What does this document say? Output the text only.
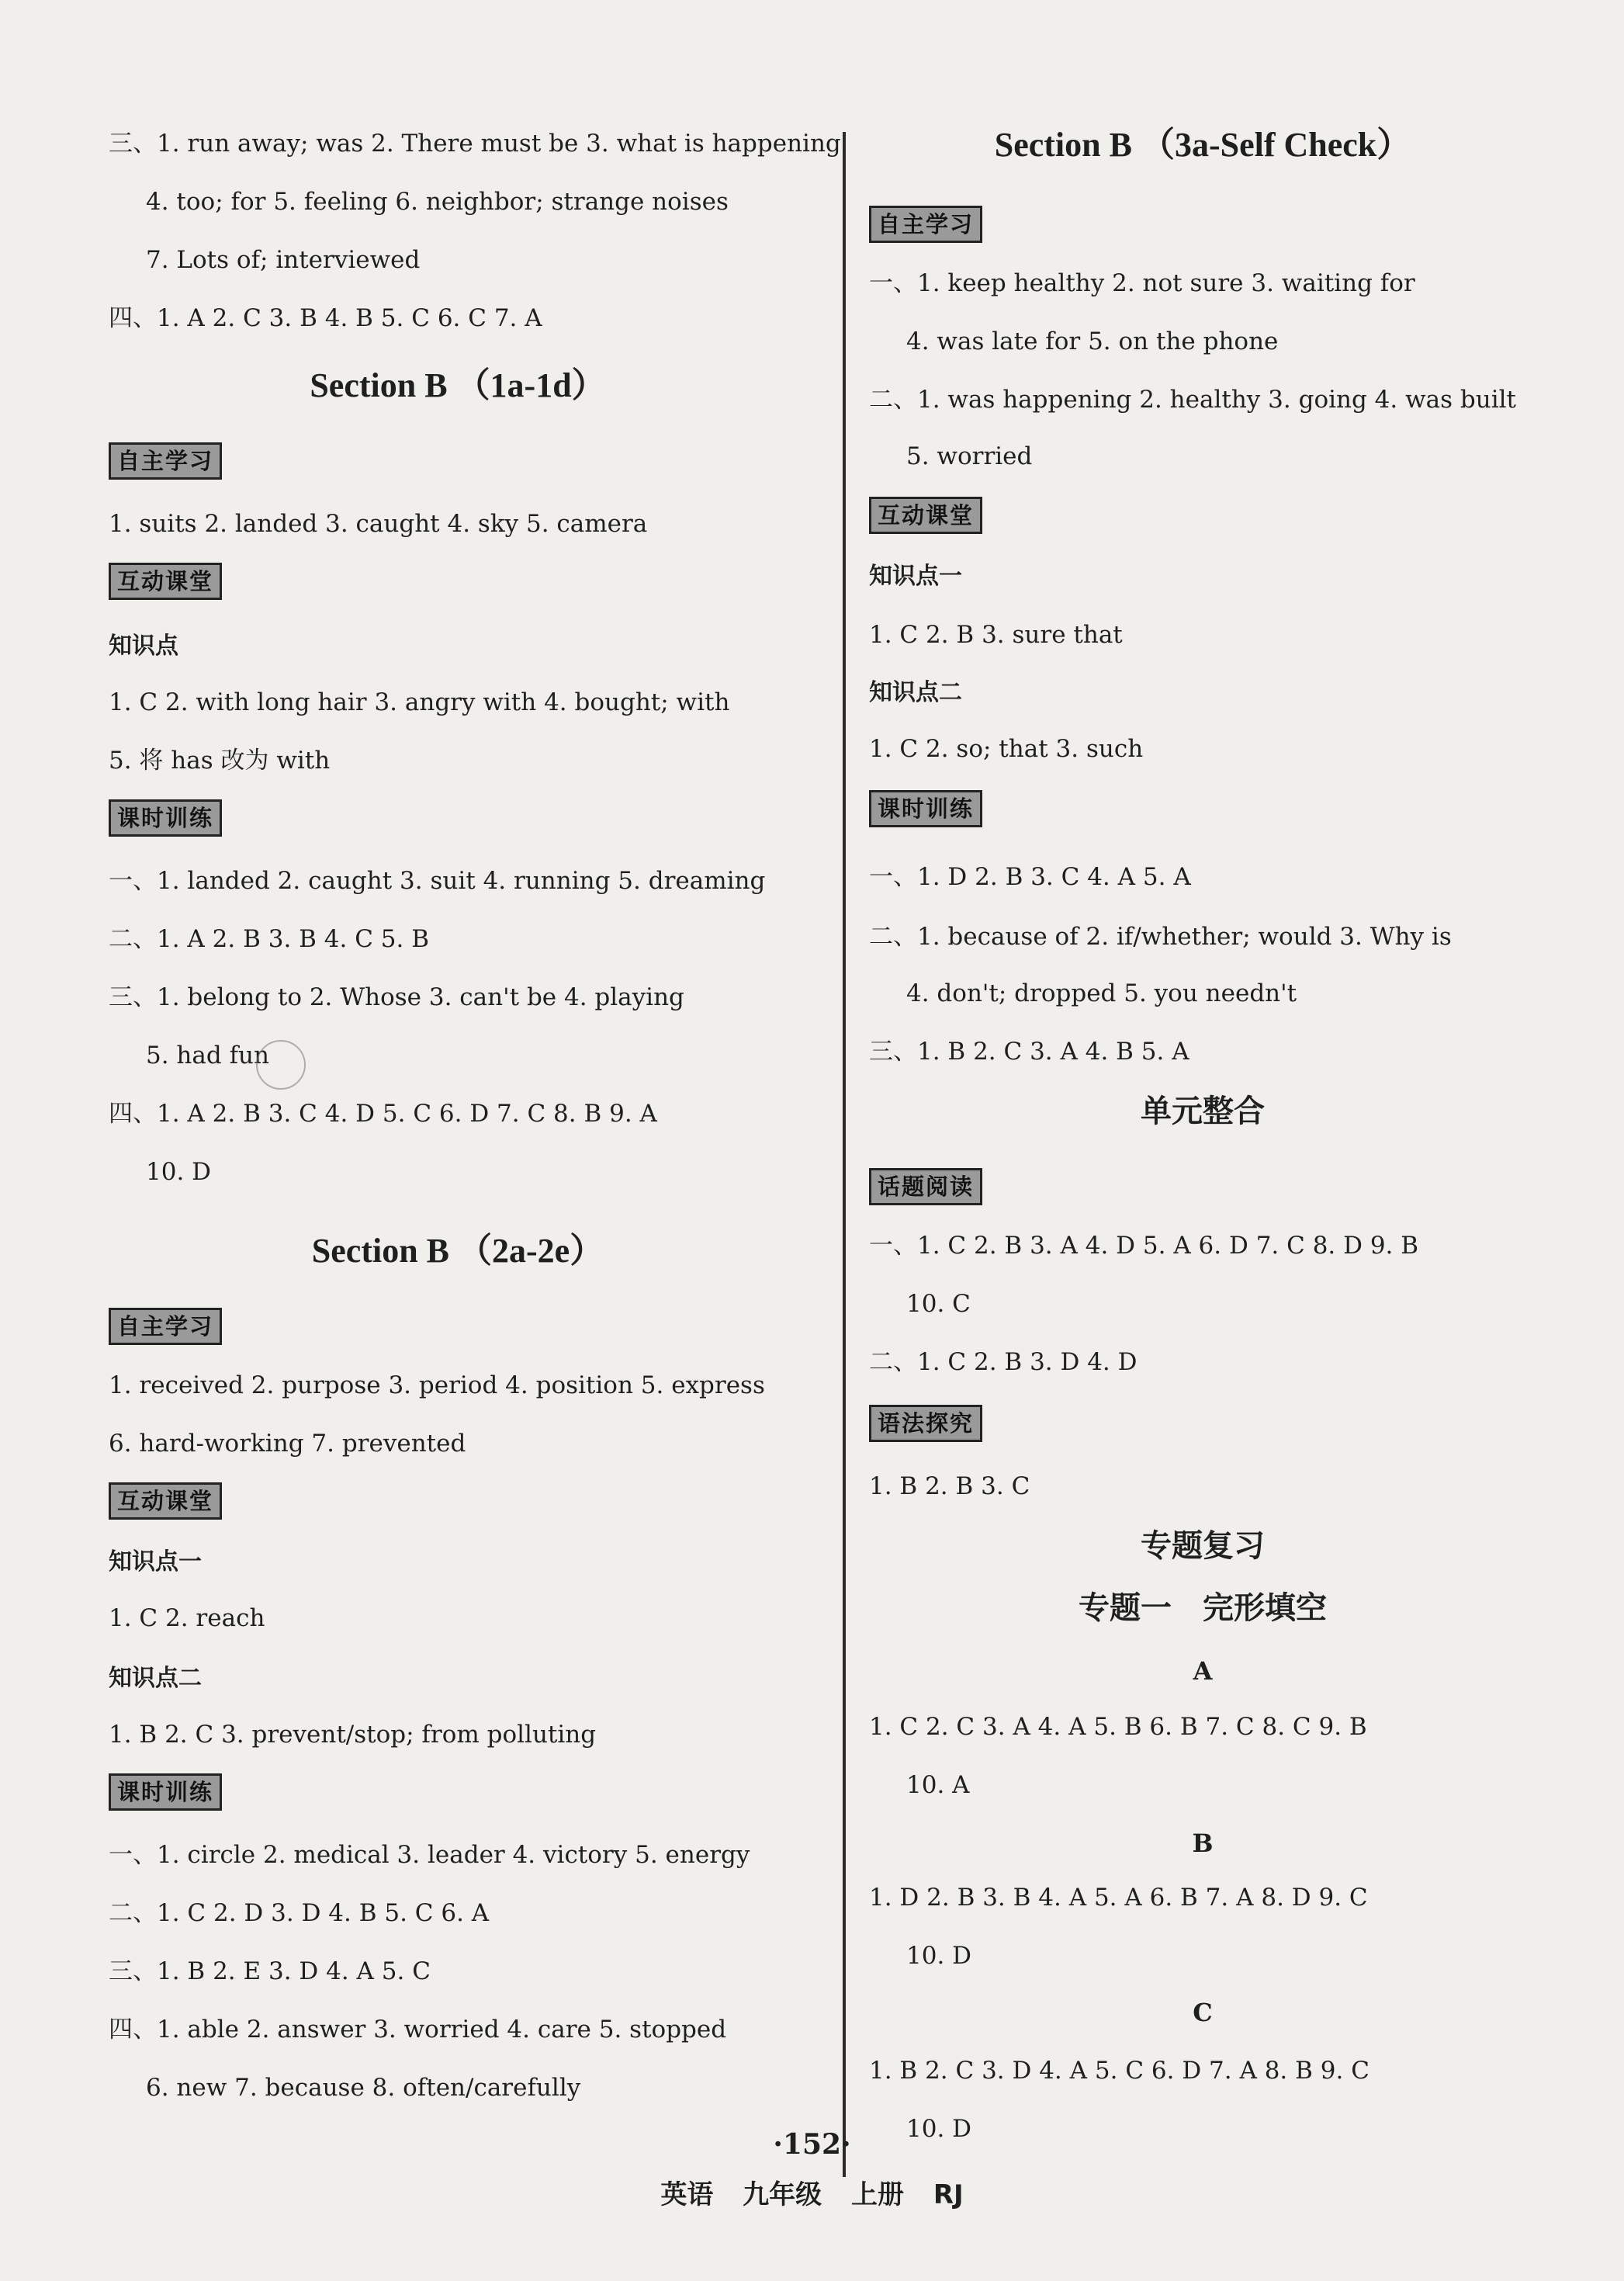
三、1. run away; was 2. There must be 3. what is happening
4. too; for 5. feeling 6. neighbor; strange noises
7. Lots of; interviewed
四、1. A 2. C 3. B 4. B 5. C 6. C 7. A
Section B （1a-1d）
自主学习
1. suits 2. landed 3. caught 4. sky 5. camera
互动课堂
知识点
1. C 2. with long hair 3. angry with 4. bought; with
5. 将 has 改为 with
课时训练
一、1. landed 2. caught 3. suit 4. running 5. dreaming
二、1. A 2. B 3. B 4. C 5. B
三、1. belong to 2. Whose 3. can't be 4. playing
5. had fun
四、1. A 2. B 3. C 4. D 5. C 6. D 7. C 8. B 9. A
10. D
Section B （2a-2e）
自主学习
1. received 2. purpose 3. period 4. position 5. express
6. hard-working 7. prevented
互动课堂
知识点一
1. C 2. reach
知识点二
1. B 2. C 3. prevent/stop; from polluting
课时训练
一、1. circle 2. medical 3. leader 4. victory 5. energy
二、1. C 2. D 3. D 4. B 5. C 6. A
三、1. B 2. E 3. D 4. A 5. C
四、1. able 2. answer 3. worried 4. care 5. stopped
6. new 7. because 8. often/carefully
Section B （3a-Self Check）
自主学习
一、1. keep healthy 2. not sure 3. waiting for
4. was late for 5. on the phone
二、1. was happening 2. healthy 3. going 4. was built
5. worried
互动课堂
知识点一
1. C 2. B 3. sure that
知识点二
1. C 2. so; that 3. such
课时训练
一、1. D 2. B 3. C 4. A 5. A
二、1. because of 2. if/whether; would 3. Why is
4. don't; dropped 5. you needn't
三、1. B 2. C 3. A 4. B 5. A
单元整合
话题阅读
一、1. C 2. B 3. A 4. D 5. A 6. D 7. C 8. D 9. B
10. C
二、1. C 2. B 3. D 4. D
语法探究
1. B 2. B 3. C
专题复习
专题一　完形填空
A
1. C 2. C 3. A 4. A 5. B 6. B 7. C 8. C 9. B
10. A
B
1. D 2. B 3. B 4. A 5. A 6. B 7. A 8. D 9. C
10. D
C
1. B 2. C 3. D 4. A 5. C 6. D 7. A 8. B 9. C
10. D
·152·
英语 九年级 上册 RJ
